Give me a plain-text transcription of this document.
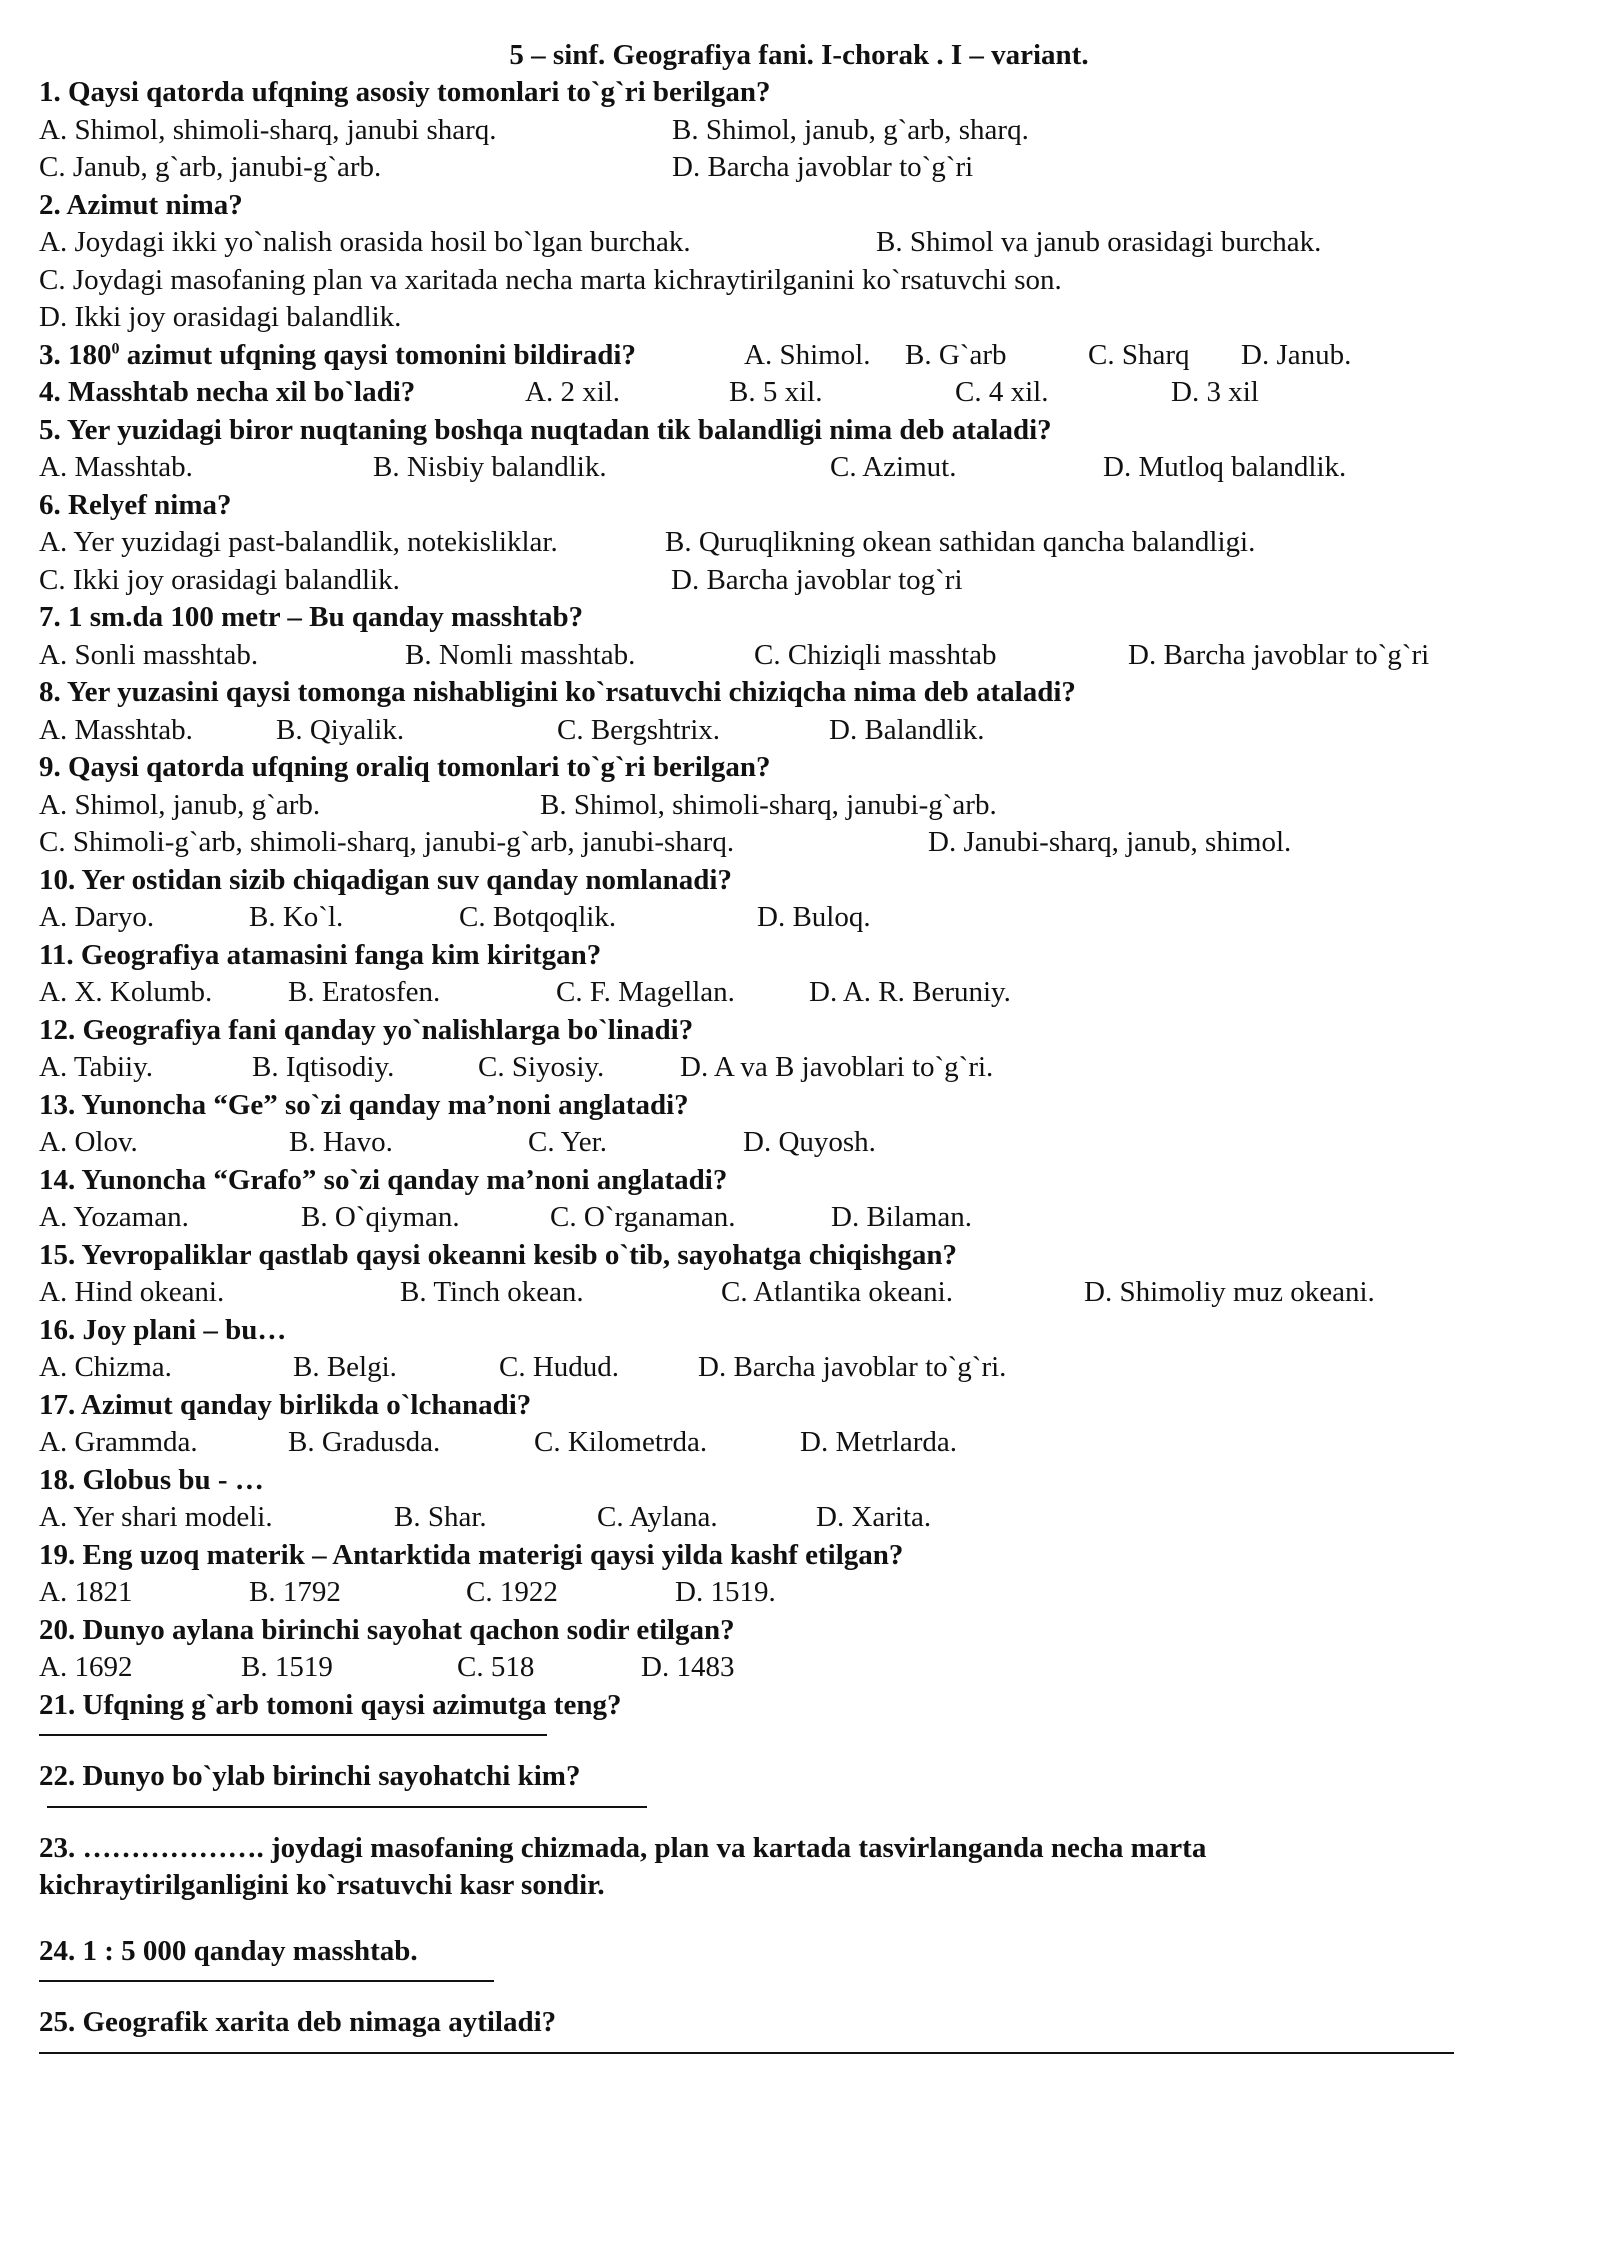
5 – sinf. Geografiya fani. I-chorak . I – variant.
1. Qaysi qatorda ufqning asosiy tomonlari to`g`ri berilgan?
A. Shimol, shimoli-sharq, janubi sharq.	B. Shimol, janub, g`arb, sharq.
C. Janub, g`arb, janubi-g`arb.	D. Barcha javoblar to`g`ri
2. Azimut nima?
A. Joydagi ikki yo`nalish orasida hosil bo`lgan burchak.	B. Shimol va janub orasidagi burchak.
C. Joydagi masofaning plan va xaritada necha marta kichraytirilganini ko`rsatuvchi son.
D. Ikki joy orasidagi balandlik.
3. $180^0$ azimut ufqning qaysi tomonini bildiradi?	A. Shimol. B. G`arb	C. Sharq D. Janub.
4. Masshtab necha xil bo`ladi?	A. 2 xil.	B. 5 xil.	C. 4 xil.	D. 3 xil
5. Yer yuzidagi biror nuqtaning boshqa nuqtadan tik balandligi nima deb ataladi?
A. Masshtab.	B. Nisbiy balandlik.	C. Azimut.	D. Mutloq balandlik.
6. Relyef nima?
A. Yer yuzidagi past-balandlik, notekisliklar.	B. Quruqlikning okean sathidan qancha balandligi.
C. Ikki joy orasidagi balandlik.	D. Barcha javoblar tog`ri
7. 1 sm.da 100 metr – Bu qanday masshtab?
A. Sonli masshtab.	B. Nomli masshtab.	C. Chiziqli masshtab	D. Barcha javoblar to`g`ri
8. Yer yuzasini qaysi tomonga nishabligini ko`rsatuvchi chiziqcha nima deb ataladi?
A. Masshtab.	B. Qiyalik.	C. Bergshtrix.	D. Balandlik.
9. Qaysi qatorda ufqning oraliq tomonlari to`g`ri berilgan?
A. Shimol, janub, g`arb.	B. Shimol, shimoli-sharq, janubi-g`arb.
C. Shimoli-g`arb, shimoli-sharq, janubi-g`arb, janubi-sharq.	D. Janubi-sharq, janub, shimol.
10. Yer ostidan sizib chiqadigan suv qanday nomlanadi?
A. Daryo.	B. Ko`l.	C. Botqoqlik.	D. Buloq.
11. Geografiya atamasini fanga kim kiritgan?
A. X. Kolumb.	B. Eratosfen.	C. F. Magellan.	D. A. R. Beruniy.
12. Geografiya fani qanday yo`nalishlarga bo`linadi?
A. Tabiiy.	B. Iqtisodiy.	C. Siyosiy.	D. A va B javoblari to`g`ri.
13. Yunoncha “Ge” so`zi qanday ma’noni anglatadi?
A. Olov.	B. Havo.	C. Yer.	D. Quyosh.
14. Yunoncha “Grafo” so`zi qanday ma’noni anglatadi?
A. Yozaman.	B. O`qiyman.	C. O`rganaman.	D. Bilaman.
15. Yevropaliklar qastlab qaysi okeanni kesib o`tib, sayohatga chiqishgan?
A. Hind okeani.	B. Tinch okean.	C. Atlantika okeani.	D. Shimoliy muz okeani.
16. Joy plani – bu…
A. Chizma.	B. Belgi.	C. Hudud.	D. Barcha javoblar to`g`ri.
17. Azimut qanday birlikda o`lchanadi?
A. Grammda.	B. Gradusda.	C. Kilometrda.	D. Metrlarda.
18. Globus bu - …
A. Yer shari modeli.	B. Shar.	C. Aylana.	D. Xarita.
19. Eng uzoq materik – Antarktida materigi qaysi yilda kashf etilgan?
A. 1821	B. 1792	C. 1922	D. 1519.
20. Dunyo aylana birinchi sayohat qachon sodir etilgan?
A. 1692	B. 1519	C. 518	D. 1483
21. Ufqning g`arb tomoni qaysi azimutga teng?
22. Dunyo bo`ylab birinchi sayohatchi kim?
23. ………………. joydagi masofaning chizmada, plan va kartada tasvirlanganda necha marta kichraytirilganligini ko`rsatuvchi kasr sondir.
24. 1 : 5 000 qanday masshtab.
25. Geografik xarita deb nimaga aytiladi?
